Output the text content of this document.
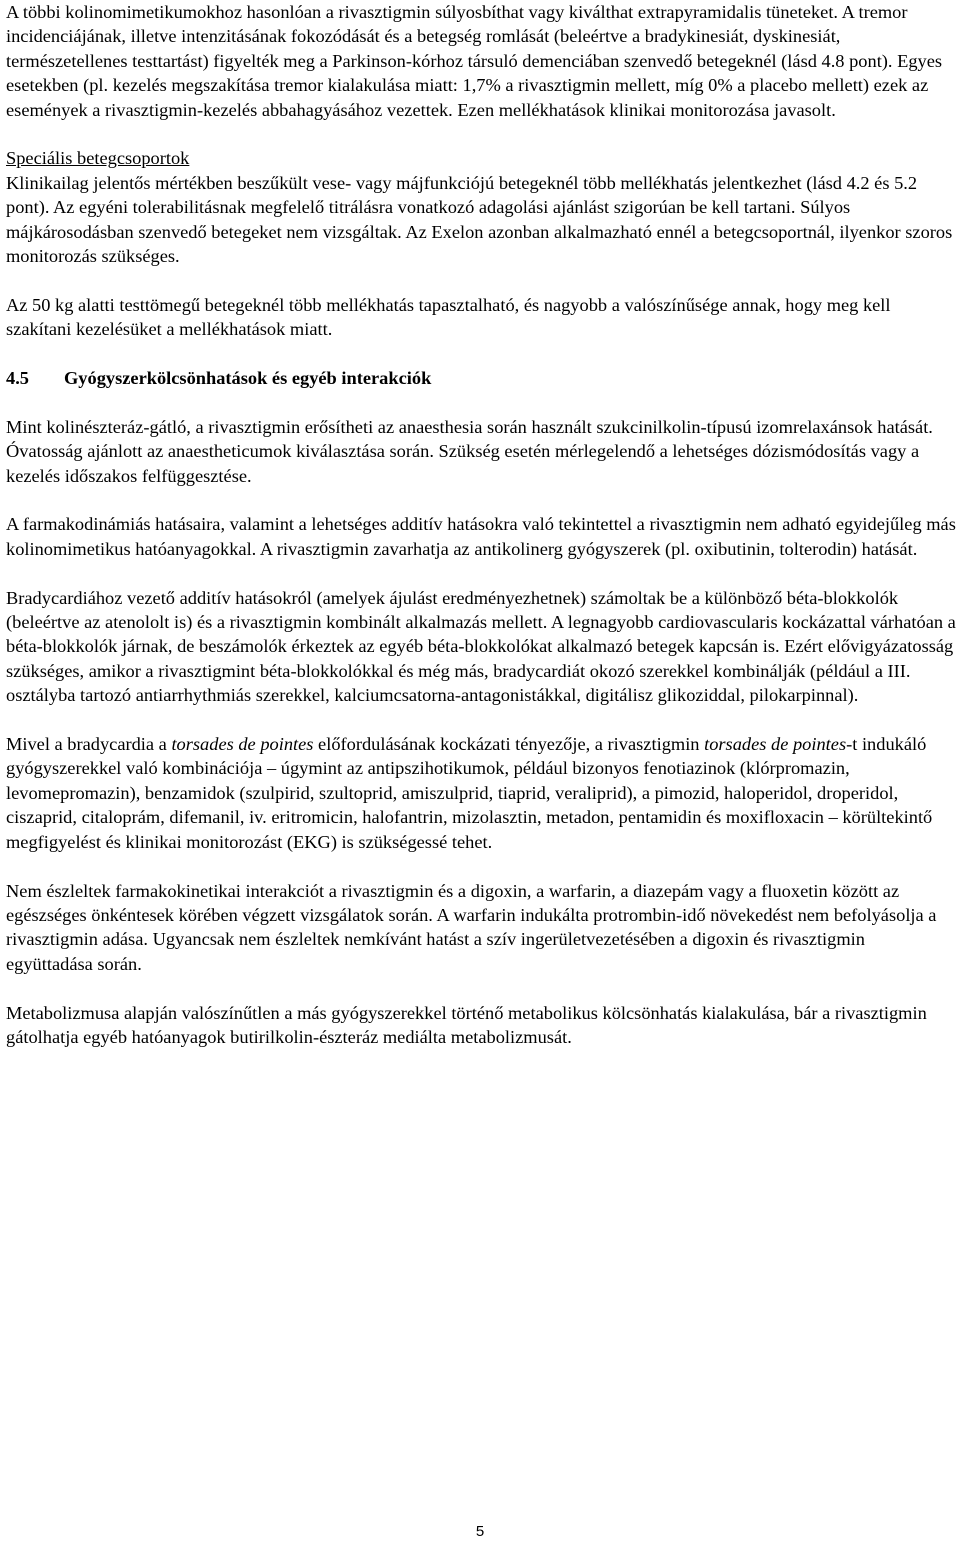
A többi kolinomimetikumokhoz hasonlóan a rivasztigmin súlyosbíthat vagy kiválthat extrapyramidalis tüneteket. A tremor incidenciájának, illetve intenzitásának fokozódását és a betegség romlását (beleértve a bradykinesiát, dyskinesiát, természetellenes testtartást) figyelték meg a Parkinson-kórhoz társuló demenciában szenvedő betegeknél (lásd 4.8 pont). Egyes esetekben (pl. kezelés megszakítása tremor kialakulása miatt: 1,7% a rivasztigmin mellett, míg 0% a placebo mellett) ezek az események a rivasztigmin-kezelés abbahagyásához vezettek. Ezen mellékhatások klinikai monitorozása javasolt.

Speciális betegcsoportok

Klinikailag jelentős mértékben beszűkült vese- vagy májfunkciójú betegeknél több mellékhatás jelentkezhet (lásd 4.2 és 5.2 pont). Az egyéni tolerabilitásnak megfelelő titrálásra vonatkozó adagolási ajánlást szigorúan be kell tartani. Súlyos májkárosodásban szenvedő betegeket nem vizsgáltak. Az Exelon azonban alkalmazható ennél a betegcsoportnál, ilyenkor szoros monitorozás szükséges.

Az 50 kg alatti testtömegű betegeknél több mellékhatás tapasztalható, és nagyobb a valószínűsége annak, hogy meg kell szakítani kezelésüket a mellékhatások miatt.

4.5	Gyógyszerkölcsönhatások és egyéb interakciók

Mint kolinészteráz-gátló, a rivasztigmin erősítheti az anaesthesia során használt szukcinilkolin-típusú izomrelaxánsok hatását. Óvatosság ajánlott az anaestheticumok kiválasztása során. Szükség esetén mérlegelendő a lehetséges dózismódosítás vagy a kezelés időszakos felfüggesztése.

A farmakodinámiás hatásaira, valamint a lehetséges additív hatásokra való tekintettel a rivasztigmin nem adható egyidejűleg más kolinomimetikus hatóanyagokkal. A rivasztigmin zavarhatja az antikolinerg gyógyszerek (pl. oxibutinin, tolterodin) hatását.

Bradycardiához vezető additív hatásokról (amelyek ájulást eredményezhetnek) számoltak be a különböző béta-blokkolók (beleértve az atenololt is) és a rivasztigmin kombinált alkalmazás mellett. A legnagyobb cardiovascularis kockázattal várhatóan a béta-blokkolók járnak, de beszámolók érkeztek az egyéb béta-blokkolókat alkalmazó betegek kapcsán is. Ezért elővigyázatosság szükséges, amikor a rivasztigmint béta-blokkolókkal és még más, bradycardiát okozó szerekkel kombinálják (például a III. osztályba tartozó antiarrhythmiás szerekkel, kalciumcsatorna-antagonistákkal, digitálisz glikoziddal, pilokarpinnal).

Mivel a bradycardia a torsades de pointes előfordulásának kockázati tényezője, a rivasztigmin torsades de pointes-t indukáló gyógyszerekkel való kombinációja – úgymint az antipszihotikumok, például bizonyos fenotiazinok (klórpromazin, levomepromazin), benzamidok (szulpirid, szultoprid, amiszulprid, tiaprid, veraliprid), a pimozid, haloperidol, droperidol, ciszaprid, citaloprám, difemanil, iv. eritromicin, halofantrin, mizolasztin, metadon, pentamidin és moxifloxacin – körültekintő megfigyelést és klinikai monitorozást (EKG) is szükségessé tehet.

Nem észleltek farmakokinetikai interakciót a rivasztigmin és a digoxin, a warfarin, a diazepám vagy a fluoxetin között az egészséges önkéntesek körében végzett vizsgálatok során. A warfarin indukálta protrombin-idő növekedést nem befolyásolja a rivasztigmin adása. Ugyancsak nem észleltek nemkívánt hatást a szív ingerületvezetésében a digoxin és rivasztigmin együttadása során.

Metabolizmusa alapján valószínűtlen a más gyógyszerekkel történő metabolikus kölcsönhatás kialakulása, bár a rivasztigmin gátolhatja egyéb hatóanyagok butirilkolin-észteráz mediálta metabolizmusát.

5
